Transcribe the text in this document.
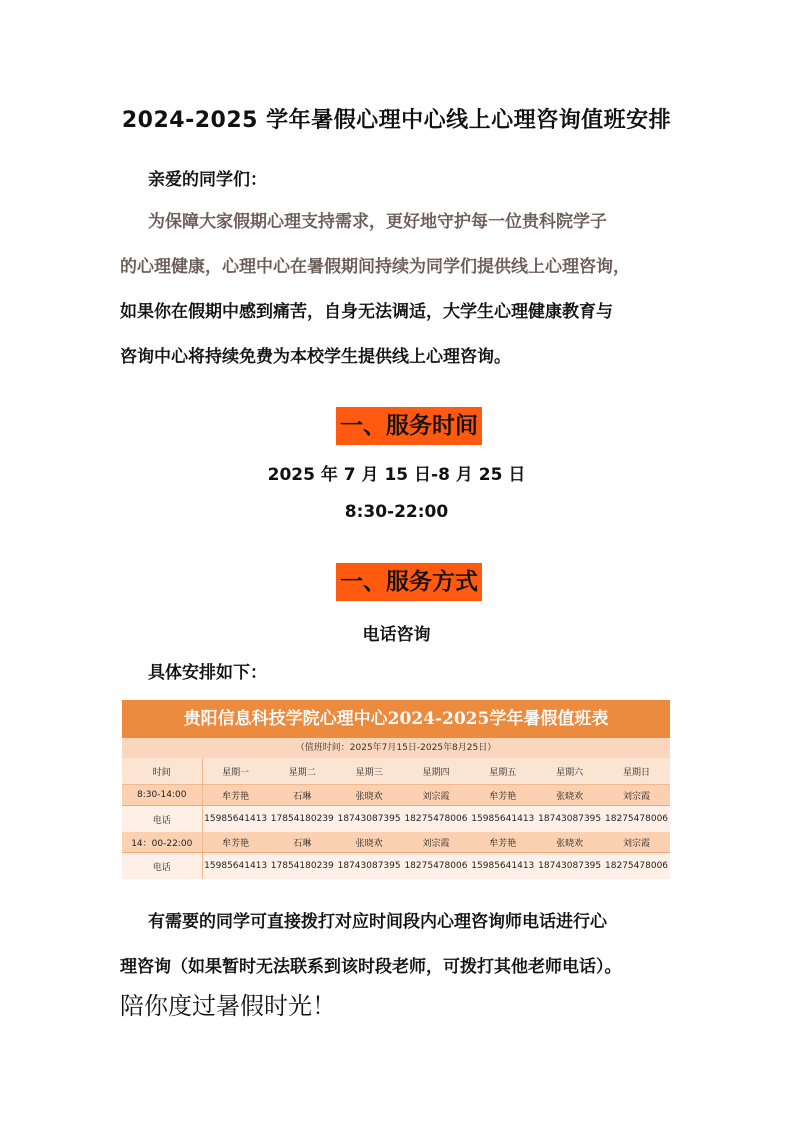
2024-2025 学年暑假心理中心线上心理咨询值班安排
亲爱的同学们：
为保障大家假期心理支持需求，更好地守护每一位贵科院学子
的心理健康，心理中心在暑假期间持续为同学们提供线上心理咨询，
如果你在假期中感到痛苦，自身无法调适，大学生心理健康教育与
咨询中心将持续免费为本校学生提供线上心理咨询。
一、服务时间
2025 年 7 月 15 日-8 月 25 日
8:30-22:00
一、服务方式
电话咨询
具体安排如下：
贵阳信息科技学院心理中心2024-2025学年暑假值班表
（值班时间：2025年7月15日-2025年8月25日）
时间	星期一	星期二	星期三	星期四	星期五	星期六	星期日
8:30-14:00	牟芳艳	石琳	张晓欢	刘宗霞	牟芳艳	张晓欢	刘宗霞
电话	15985641413	17854180239	18743087395	18275478006	15985641413	18743087395	18275478006
14：00-22:00	牟芳艳	石琳	张晓欢	刘宗霞	牟芳艳	张晓欢	刘宗霞
电话	15985641413	17854180239	18743087395	18275478006	15985641413	18743087395	18275478006
有需要的同学可直接拨打对应时间段内心理咨询师电话进行心
理咨询（如果暂时无法联系到该时段老师，可拨打其他老师电话）。
陪你度过暑假时光！
